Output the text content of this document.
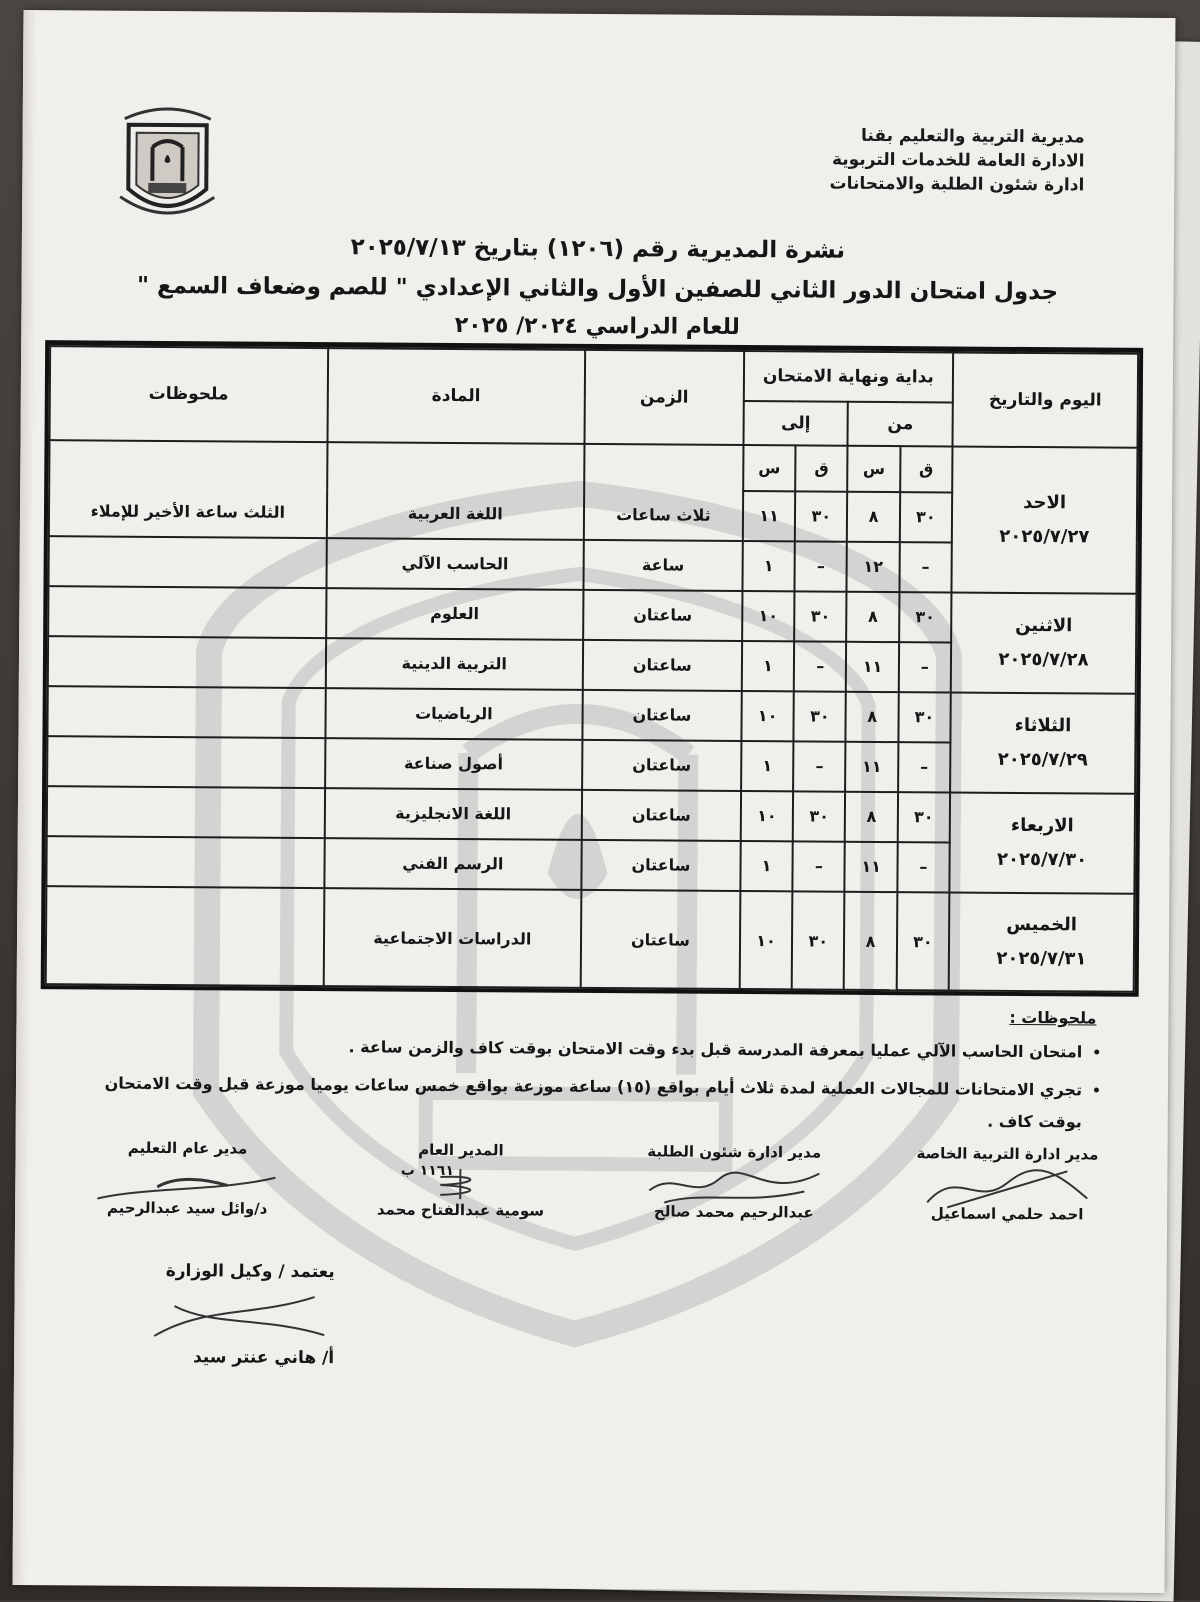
مديرية التربية والتعليم بقنا
الادارة العامة للخدمات التربوية
ادارة شئون الطلبة والامتحانات
نشرة المديرية رقم (١٢٠٦) بتاريخ ٢٠٢٥/٧/١٣
جدول امتحان الدور الثاني للصفين الأول والثاني الإعدادي " للصم وضعاف السمع "
للعام الدراسي ٢٠٢٤/ ٢٠٢٥
اليوم والتاريخ	بداية ونهاية الامتحان				الزمن	المادة	ملحوظات
	من		إلى				

الاحد
٢٠٢٥/٧/٢٧	ق	س	ق	س			
	٣٠	٨	٣٠	١١	ثلاث ساعات	اللغة العربية	الثلث ساعة الأخير للإملاء
	–	١٢	–	١	ساعة	الحاسب الآلي	

الاثنين
٢٠٢٥/٧/٢٨	٣٠	٨	٣٠	١٠	ساعتان	العلوم	
	–	١١	–	١	ساعتان	التربية الدينية	

الثلاثاء
٢٠٢٥/٧/٢٩	٣٠	٨	٣٠	١٠	ساعتان	الرياضيات	
	–	١١	–	١	ساعتان	أصول صناعة	

الاربعاء
٢٠٢٥/٧/٣٠	٣٠	٨	٣٠	١٠	ساعتان	اللغة الانجليزية	
	–	١١	–	١	ساعتان	الرسم الفني	

الخميس
٢٠٢٥/٧/٣١	٣٠	٨	٣٠	١٠	ساعتان	الدراسات الاجتماعية	
ملحوظات :
• امتحان الحاسب الآلي عمليا بمعرفة المدرسة قبل بدء وقت الامتحان بوقت كاف والزمن ساعة .
• تجري الامتحانات للمجالات العملية لمدة ثلاث أيام بواقع (١٥) ساعة موزعة بواقع خمس ساعات يوميا موزعة قبل وقت الامتحان بوقت كاف .
مدير ادارة التربية الخاصة
احمد حلمي اسماعيل
مدير ادارة شئون الطلبة
عبدالرحيم محمد صالح
المدير العام
١١٦١ ب
سومية عبدالفتاح محمد
مدير عام التعليم
د/وائل سيد عبدالرحيم
يعتمد / وكيل الوزارة
أ/ هاني عنتر سيد
